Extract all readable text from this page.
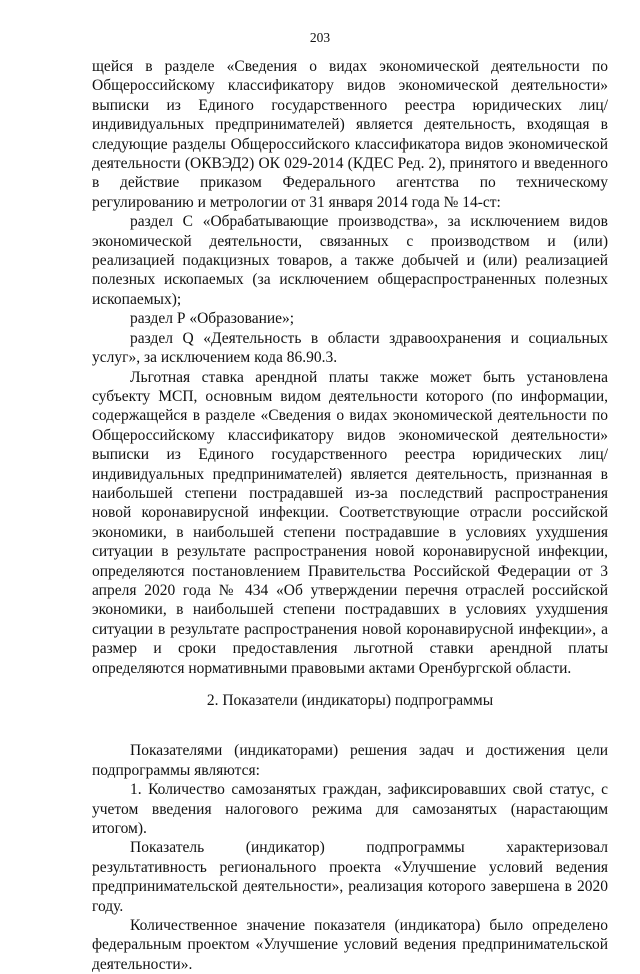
203

щейся в разделе «Сведения о видах экономической деятельности по Общероссийскому классификатору видов экономической деятельности» выписки из Единого государственного реестра юридических лиц/индивидуальных предпринимателей) является деятельность, входящая в следующие разделы Общероссийского классификатора видов экономической деятельности (ОКВЭД2) ОК 029-2014 (КДЕС Ред. 2), принятого и введенного в действие приказом Федерального агентства по техническому регулированию и метрологии от 31 января 2014 года № 14-ст:

раздел С «Обрабатывающие производства», за исключением видов экономической деятельности, связанных с производством и (или) реализацией подакцизных товаров, а также добычей и (или) реализацией полезных ископаемых (за исключением общераспространенных полезных ископаемых);

раздел Р «Образование»;

раздел Q «Деятельность в области здравоохранения и социальных услуг», за исключением кода 86.90.3.

Льготная ставка арендной платы также может быть установлена субъекту МСП, основным видом деятельности которого (по информации, содержащейся в разделе «Сведения о видах экономической деятельности по Общероссийскому классификатору видов экономической деятельности» выписки из Единого государственного реестра юридических лиц/индивидуальных предпринимателей) является деятельность, признанная в наибольшей степени пострадавшей из-за последствий распространения новой коронавирусной инфекции. Соответствующие отрасли российской экономики, в наибольшей степени пострадавшие в условиях ухудшения ситуации в результате распространения новой коронавирусной инфекции, определяются постановлением Правительства Российской Федерации от 3 апреля 2020 года № 434 «Об утверждении перечня отраслей российской экономики, в наибольшей степени пострадавших в условиях ухудшения ситуации в результате распространения новой коронавирусной инфекции», а размер и сроки предоставления льготной ставки арендной платы определяются нормативными правовыми актами Оренбургской области.

2. Показатели (индикаторы) подпрограммы

Показателями (индикаторами) решения задач и достижения цели подпрограммы являются:

1. Количество самозанятых граждан, зафиксировавших свой статус, с учетом введения налогового режима для самозанятых (нарастающим итогом).

Показатель (индикатор) подпрограммы характеризовал результативность регионального проекта «Улучшение условий ведения предпринимательской деятельности», реализация которого завершена в 2020 году.

Количественное значение показателя (индикатора) было определено федеральным проектом «Улучшение условий ведения предпринимательской деятельности».
